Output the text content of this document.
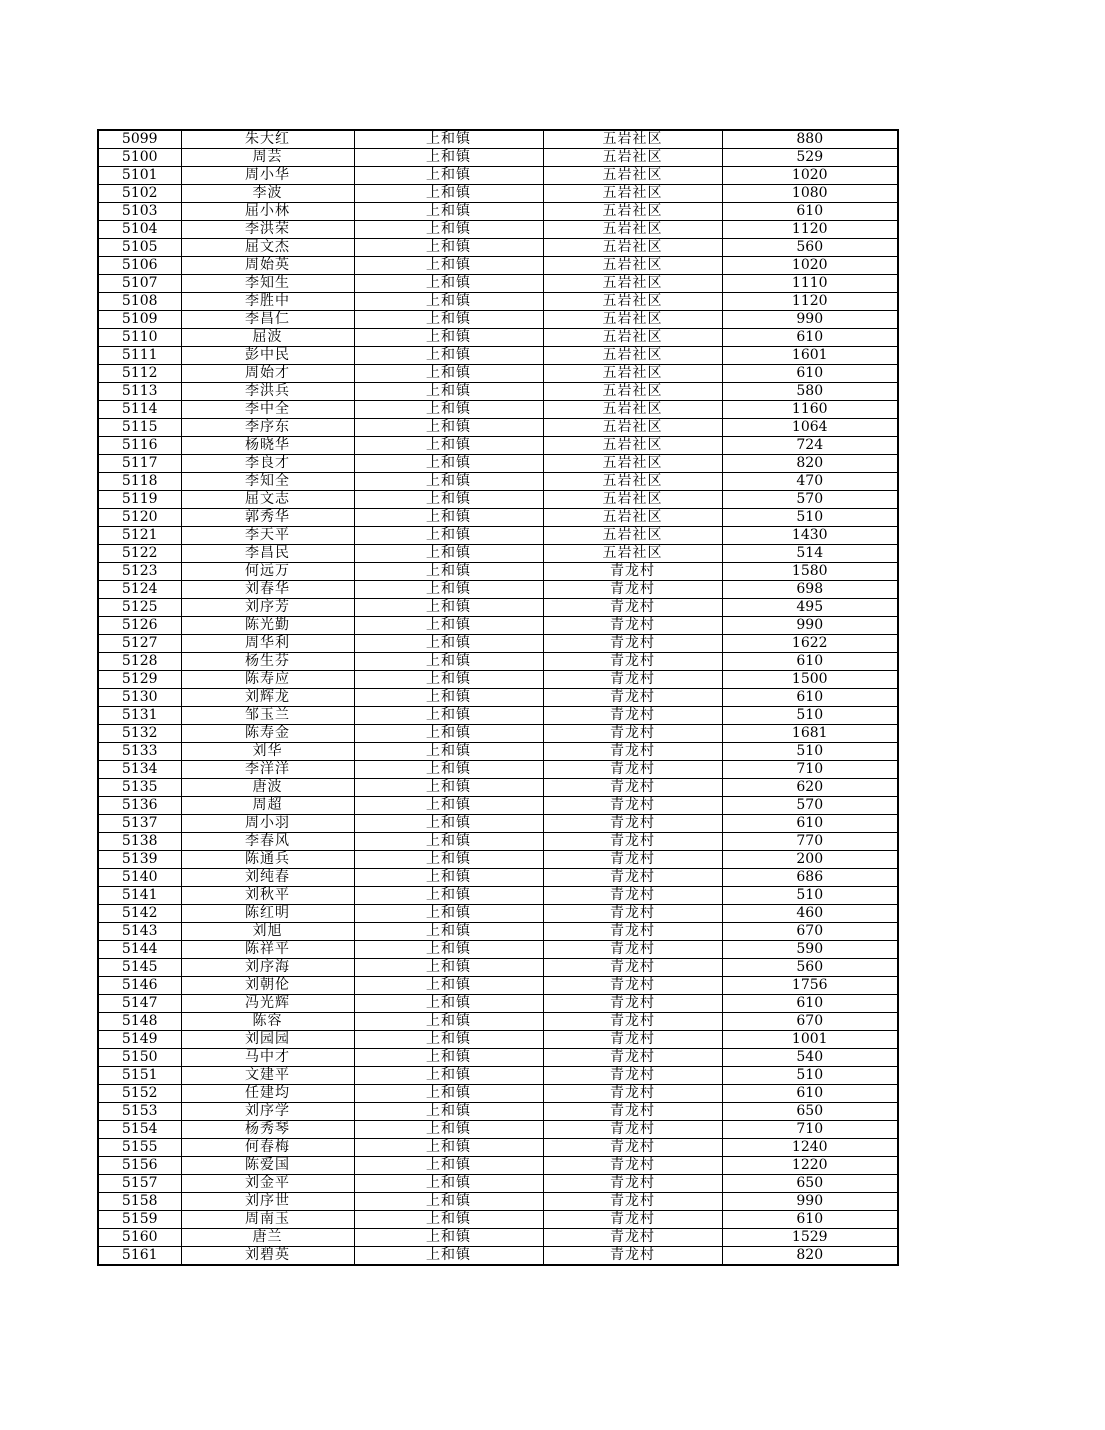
5099	朱大红	上和镇	五岩社区	880
5100	周芸	上和镇	五岩社区	529
5101	周小华	上和镇	五岩社区	1020
5102	李波	上和镇	五岩社区	1080
5103	屈小林	上和镇	五岩社区	610
5104	李洪荣	上和镇	五岩社区	1120
5105	屈文杰	上和镇	五岩社区	560
5106	周始英	上和镇	五岩社区	1020
5107	李知生	上和镇	五岩社区	1110
5108	李胜中	上和镇	五岩社区	1120
5109	李昌仁	上和镇	五岩社区	990
5110	屈波	上和镇	五岩社区	610
5111	彭中民	上和镇	五岩社区	1601
5112	周始才	上和镇	五岩社区	610
5113	李洪兵	上和镇	五岩社区	580
5114	李中全	上和镇	五岩社区	1160
5115	李序东	上和镇	五岩社区	1064
5116	杨晓华	上和镇	五岩社区	724
5117	李良才	上和镇	五岩社区	820
5118	李知全	上和镇	五岩社区	470
5119	屈文志	上和镇	五岩社区	570
5120	郭秀华	上和镇	五岩社区	510
5121	李天平	上和镇	五岩社区	1430
5122	李昌民	上和镇	五岩社区	514
5123	何远万	上和镇	青龙村	1580
5124	刘春华	上和镇	青龙村	698
5125	刘序芳	上和镇	青龙村	495
5126	陈光勤	上和镇	青龙村	990
5127	周华利	上和镇	青龙村	1622
5128	杨生芬	上和镇	青龙村	610
5129	陈寿应	上和镇	青龙村	1500
5130	刘辉龙	上和镇	青龙村	610
5131	邹玉兰	上和镇	青龙村	510
5132	陈寿金	上和镇	青龙村	1681
5133	刘华	上和镇	青龙村	510
5134	李洋洋	上和镇	青龙村	710
5135	唐波	上和镇	青龙村	620
5136	周超	上和镇	青龙村	570
5137	周小羽	上和镇	青龙村	610
5138	李春风	上和镇	青龙村	770
5139	陈通兵	上和镇	青龙村	200
5140	刘纯春	上和镇	青龙村	686
5141	刘秋平	上和镇	青龙村	510
5142	陈红明	上和镇	青龙村	460
5143	刘旭	上和镇	青龙村	670
5144	陈祥平	上和镇	青龙村	590
5145	刘序海	上和镇	青龙村	560
5146	刘朝伦	上和镇	青龙村	1756
5147	冯光辉	上和镇	青龙村	610
5148	陈容	上和镇	青龙村	670
5149	刘园园	上和镇	青龙村	1001
5150	马中才	上和镇	青龙村	540
5151	文建平	上和镇	青龙村	510
5152	任建均	上和镇	青龙村	610
5153	刘序学	上和镇	青龙村	650
5154	杨秀琴	上和镇	青龙村	710
5155	何春梅	上和镇	青龙村	1240
5156	陈爱国	上和镇	青龙村	1220
5157	刘金平	上和镇	青龙村	650
5158	刘序世	上和镇	青龙村	990
5159	周南玉	上和镇	青龙村	610
5160	唐兰	上和镇	青龙村	1529
5161	刘碧英	上和镇	青龙村	820
